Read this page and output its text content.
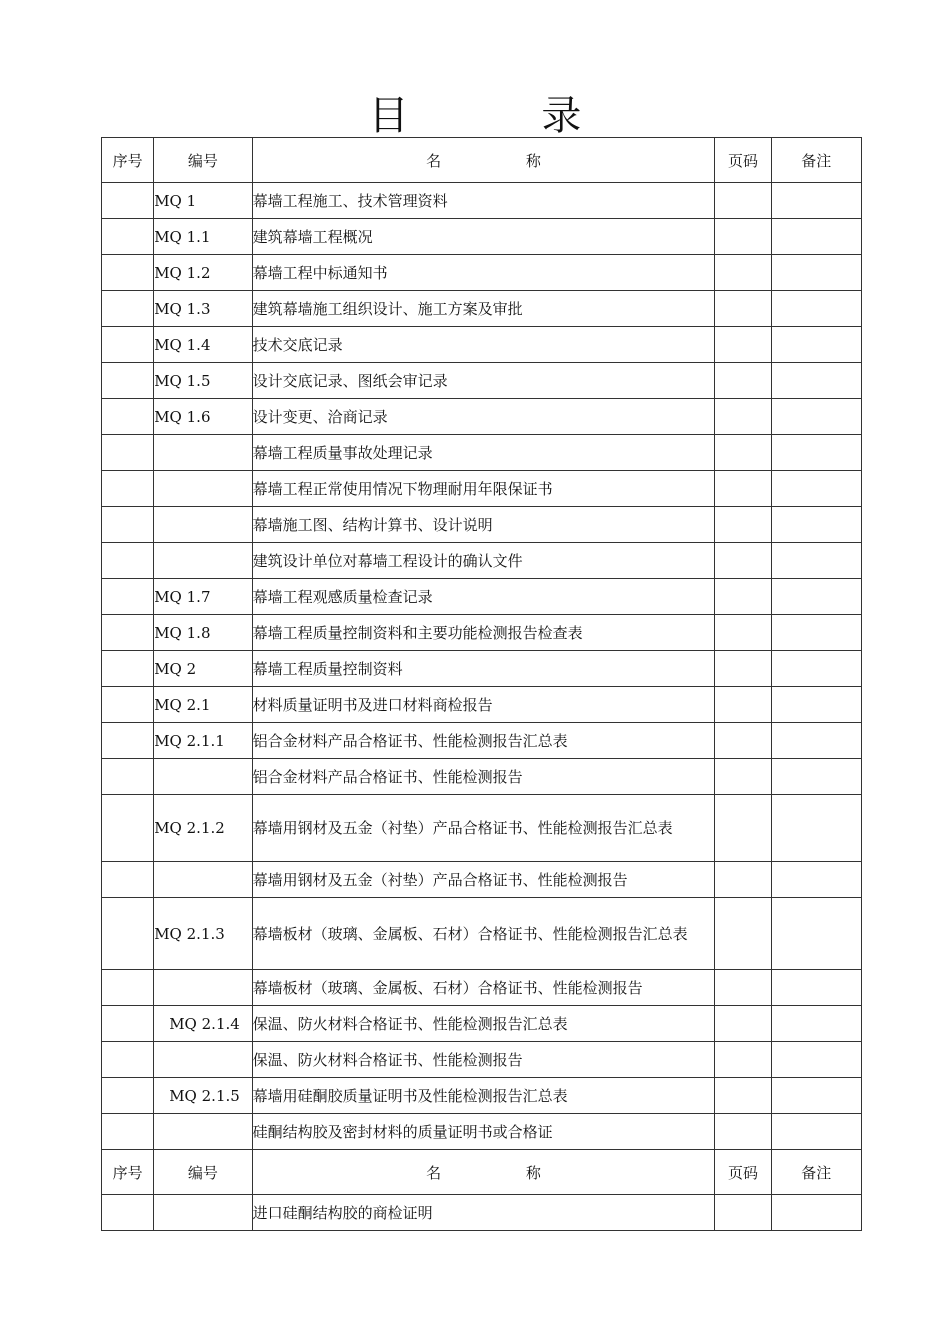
目 录
序号	编号	名 称	页码	备注
	MQ 1	幕墙工程施工、技术管理资料		
	MQ 1.1	建筑幕墙工程概况		
	MQ 1.2	幕墙工程中标通知书		
	MQ 1.3	建筑幕墙施工组织设计、施工方案及审批		
	MQ 1.4	技术交底记录		
	MQ 1.5	设计交底记录、图纸会审记录		
	MQ 1.6	设计变更、洽商记录		
		幕墙工程质量事故处理记录		
		幕墙工程正常使用情况下物理耐用年限保证书		
		幕墙施工图、结构计算书、设计说明		
		建筑设计单位对幕墙工程设计的确认文件		
	MQ 1.7	幕墙工程观感质量检查记录		
	MQ 1.8	幕墙工程质量控制资料和主要功能检测报告检查表		
	MQ 2	幕墙工程质量控制资料		
	MQ 2.1	材料质量证明书及进口材料商检报告		
	MQ 2.1.1	铝合金材料产品合格证书、性能检测报告汇总表		
		铝合金材料产品合格证书、性能检测报告		
	MQ 2.1.2	幕墙用钢材及五金（衬垫）产品合格证书、性能检测报告汇总表		
		幕墙用钢材及五金（衬垫）产品合格证书、性能检测报告		
	MQ 2.1.3	幕墙板材（玻璃、金属板、石材）合格证书、性能检测报告汇总表		
		幕墙板材（玻璃、金属板、石材）合格证书、性能检测报告		
	MQ 2.1.4	保温、防火材料合格证书、性能检测报告汇总表		
		保温、防火材料合格证书、性能检测报告		
	MQ 2.1.5	幕墙用硅酮胶质量证明书及性能检测报告汇总表		
		硅酮结构胶及密封材料的质量证明书或合格证		
序号	编号	名 称	页码	备注
		进口硅酮结构胶的商检证明		
